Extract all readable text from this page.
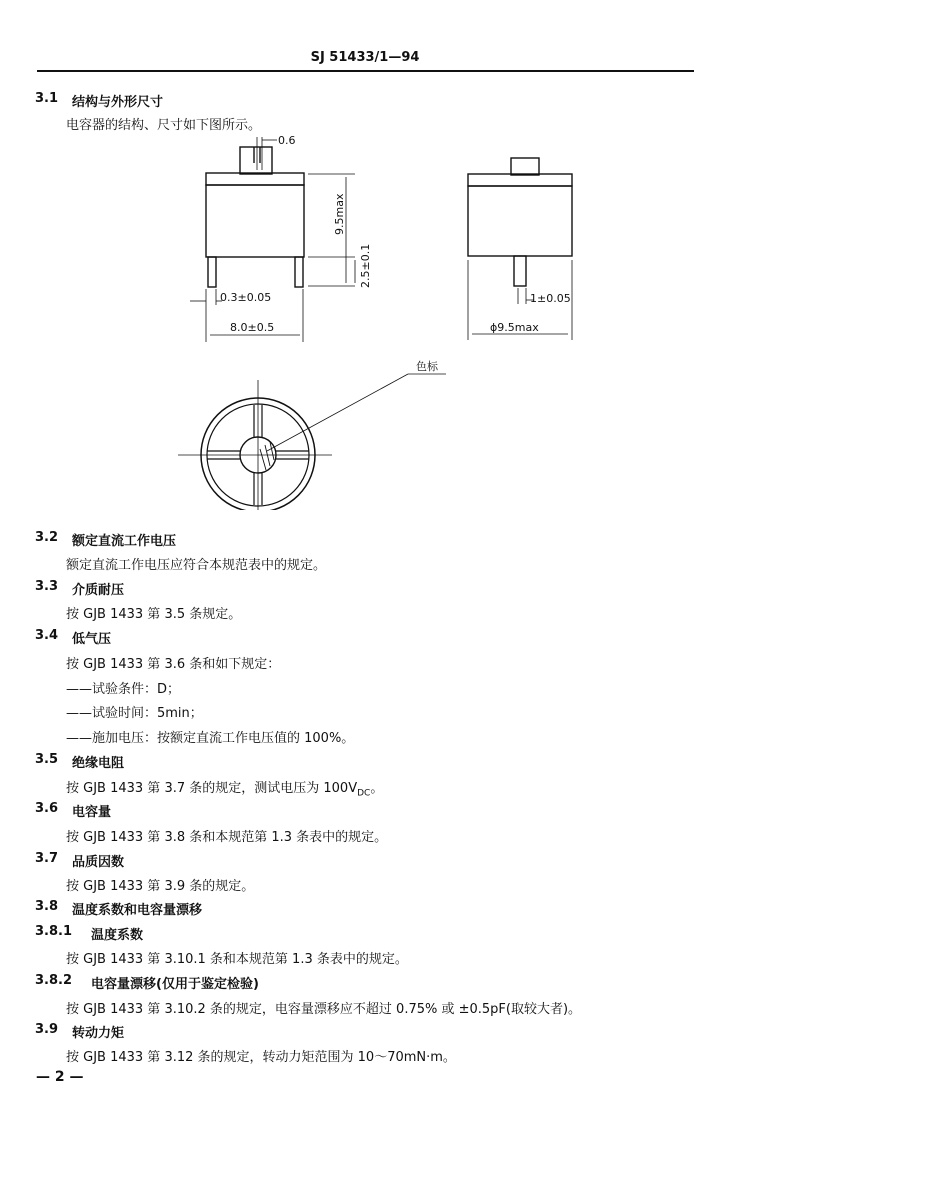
SJ 51433/1—94
3.1 结构与外形尺寸
电容器的结构、尺寸如下图所示。
0.6
0.3±0.05
8.0±0.5
9.5max
2.5±0.1
1±0.05
ϕ9.5max
色标
3.2 额定直流工作电压
额定直流工作电压应符合本规范表中的规定。
3.3 介质耐压
按 GJB 1433 第 3.5 条规定。
3.4 低气压
按 GJB 1433 第 3.6 条和如下规定：
——试验条件：D；
——试验时间：5min；
——施加电压：按额定直流工作电压值的 100%。
3.5 绝缘电阻
按 GJB 1433 第 3.7 条的规定，测试电压为 $100V_{DC}$。
3.6 电容量
按 GJB 1433 第 3.8 条和本规范第 1.3 条表中的规定。
3.7 品质因数
按 GJB 1433 第 3.9 条的规定。
3.8 温度系数和电容量漂移
3.8.1 温度系数
按 GJB 1433 第 3.10.1 条和本规范第 1.3 条表中的规定。
3.8.2 电容量漂移(仅用于鉴定检验)
按 GJB 1433 第 3.10.2 条的规定，电容量漂移应不超过 0.75% 或 ±0.5pF(取较大者)。
3.9 转动力矩
按 GJB 1433 第 3.12 条的规定，转动力矩范围为 10～70mN·m。
— 2 —
